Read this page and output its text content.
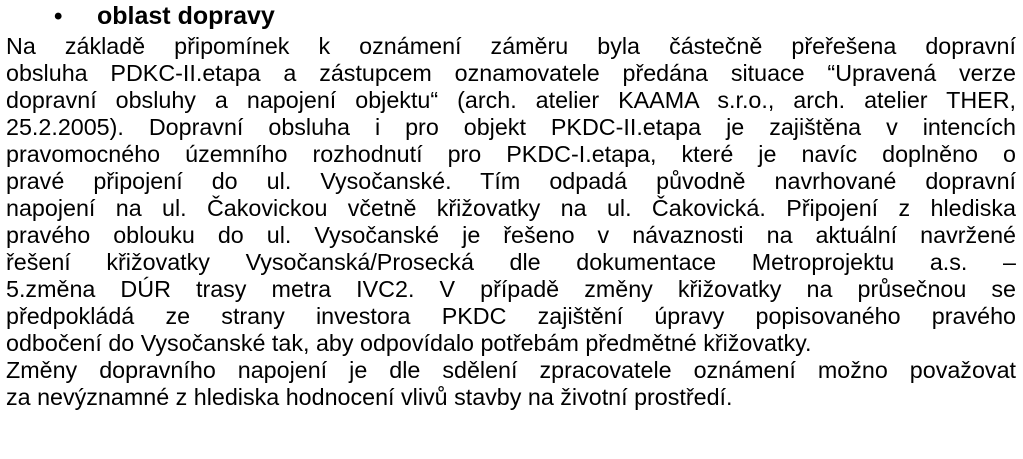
• oblast dopravy
Na základě připomínek k oznámení záměru byla částečně přeřešena dopravní
obsluha PDKC-II.etapa a zástupcem oznamovatele předána situace “Upravená verze
dopravní obsluhy a napojení objektu“ (arch. atelier KAAMA s.r.o., arch. atelier THER,
25.2.2005). Dopravní obsluha i pro objekt PKDC-II.etapa je zajištěna v intencích
pravomocného územního rozhodnutí pro PKDC-I.etapa, které je navíc doplněno o
pravé připojení do ul. Vysočanské. Tím odpadá původně navrhované dopravní
napojení na ul. Čakovickou včetně křižovatky na ul. Čakovická. Připojení z hlediska
pravého oblouku do ul. Vysočanské je řešeno v návaznosti na aktuální navržené
řešení křižovatky Vysočanská/Prosecká dle dokumentace Metroprojektu a.s. –
5.změna DÚR trasy metra IVC2. V případě změny křižovatky na průsečnou se
předpokládá ze strany investora PKDC zajištění úpravy popisovaného pravého
odbočení do Vysočanské tak, aby odpovídalo potřebám předmětné křižovatky.
Změny dopravního napojení je dle sdělení zpracovatele oznámení možno považovat
za nevýznamné z hlediska hodnocení vlivů stavby na životní prostředí.
